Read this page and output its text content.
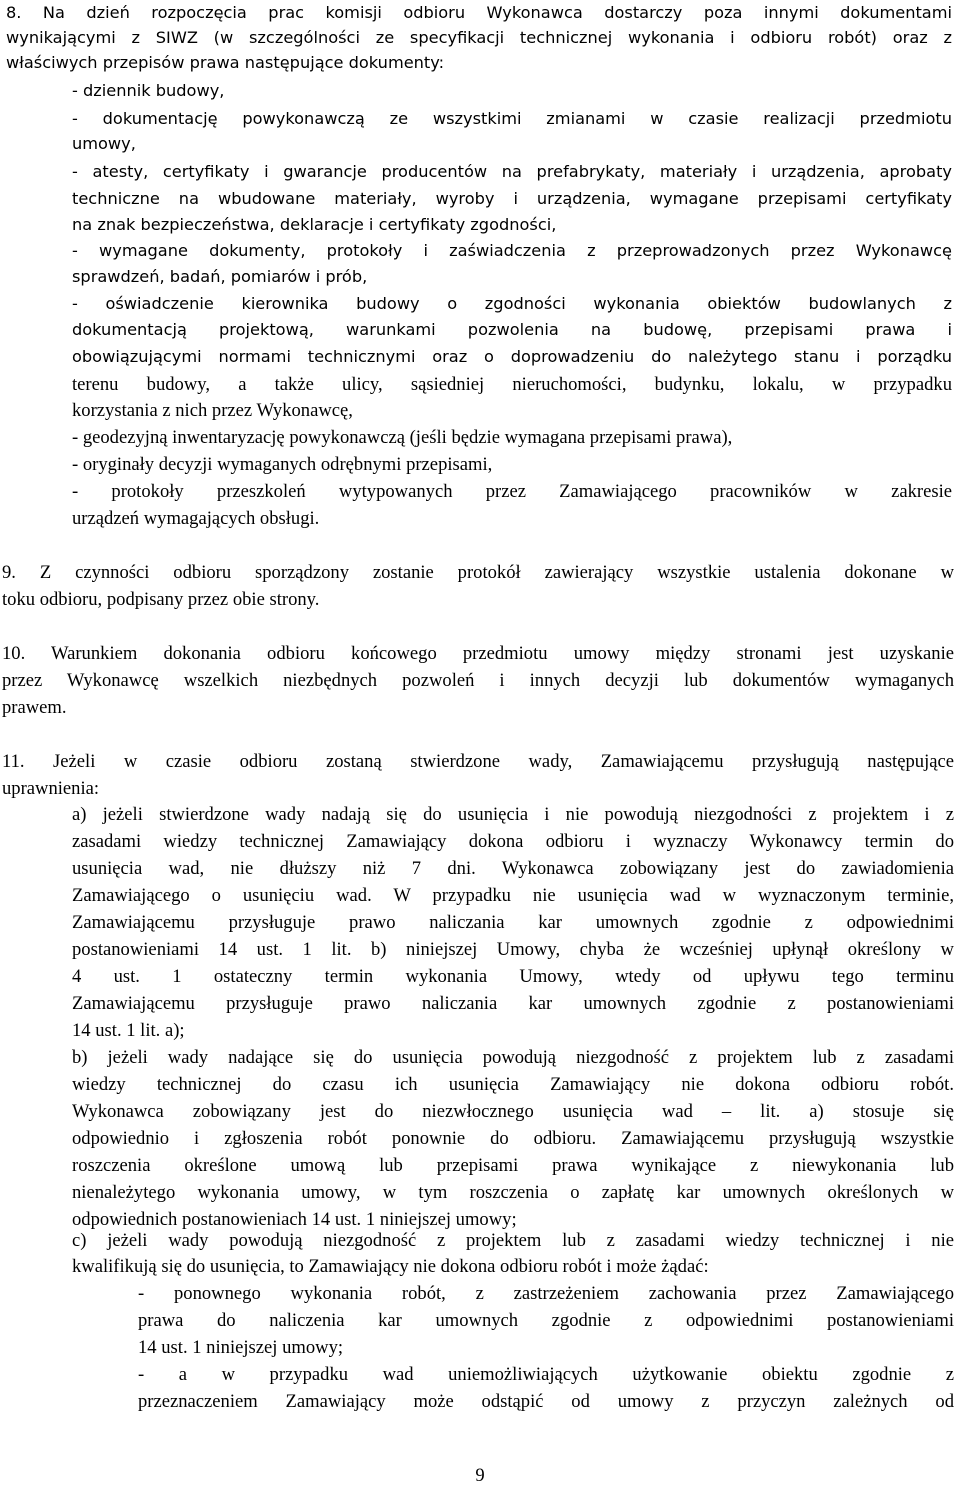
9
8. Na dzień rozpoczęcia prac komisji odbioru Wykonawca dostarczy poza innymi dokumentami
wynikającymi z SIWZ (w szczególności ze specyfikacji technicznej wykonania i odbioru robót) oraz z
właściwych przepisów prawa następujące dokumenty:
- dziennik budowy,
- dokumentację powykonawczą ze wszystkimi zmianami w czasie realizacji przedmiotu
umowy,
- atesty, certyfikaty i gwarancje producentów na prefabrykaty, materiały i urządzenia, aprobaty
techniczne na wbudowane materiały, wyroby i urządzenia, wymagane przepisami certyfikaty
na znak bezpieczeństwa, deklaracje i certyfikaty zgodności,
- wymagane dokumenty, protokoły i zaświadczenia z przeprowadzonych przez Wykonawcę
sprawdzeń, badań, pomiarów i prób,
- oświadczenie kierownika budowy o zgodności wykonania obiektów budowlanych z
dokumentacją projektową, warunkami pozwolenia na budowę, przepisami prawa i
obowiązującymi normami technicznymi oraz o doprowadzeniu do należytego stanu i porządku
terenu budowy, a także ulicy, sąsiedniej nieruchomości, budynku, lokalu, w przypadku
korzystania z nich przez Wykonawcę,
- geodezyjną inwentaryzację powykonawczą (jeśli będzie wymagana przepisami prawa),
- oryginały decyzji wymaganych odrębnymi przepisami,
- protokoły przeszkoleń wytypowanych przez Zamawiającego pracowników w zakresie
urządzeń wymagających obsługi.
9. Z czynności odbioru sporządzony zostanie protokół zawierający wszystkie ustalenia dokonane w
toku odbioru, podpisany przez obie strony.
10. Warunkiem dokonania odbioru końcowego przedmiotu umowy między stronami jest uzyskanie
przez Wykonawcę wszelkich niezbędnych pozwoleń i innych decyzji lub dokumentów wymaganych
prawem.
11. Jeżeli w czasie odbioru zostaną stwierdzone wady, Zamawiającemu przysługują następujące
uprawnienia:
a) jeżeli stwierdzone wady nadają się do usunięcia i nie powodują niezgodności z projektem i z
zasadami wiedzy technicznej Zamawiający dokona odbioru i wyznaczy Wykonawcy termin do
usunięcia wad, nie dłuższy niż 7 dni. Wykonawca zobowiązany jest do zawiadomienia
Zamawiającego o usunięciu wad. W przypadku nie usunięcia wad w wyznaczonym terminie,
Zamawiającemu przysługuje prawo naliczania kar umownych zgodnie z odpowiednimi
postanowieniami 14 ust. 1 lit. b) niniejszej Umowy, chyba że wcześniej upłynął określony w
4 ust. 1 ostateczny termin wykonania Umowy, wtedy od upływu tego terminu
Zamawiającemu przysługuje prawo naliczania kar umownych zgodnie z postanowieniami
14 ust. 1 lit. a);
b) jeżeli wady nadające się do usunięcia powodują niezgodność z projektem lub z zasadami
wiedzy technicznej do czasu ich usunięcia Zamawiający nie dokona odbioru robót.
Wykonawca zobowiązany jest do niezwłocznego usunięcia wad – lit. a) stosuje się
odpowiednio i zgłoszenia robót ponownie do odbioru. Zamawiającemu przysługują wszystkie
roszczenia określone umową lub przepisami prawa wynikające z niewykonania lub
nienależytego wykonania umowy, w tym roszczenia o zapłatę kar umownych określonych w
odpowiednich postanowieniach 14 ust. 1 niniejszej umowy;
c) jeżeli wady powodują niezgodność z projektem lub z zasadami wiedzy technicznej i nie
kwalifikują się do usunięcia, to Zamawiający nie dokona odbioru robót i może żądać:
- ponownego wykonania robót, z zastrzeżeniem zachowania przez Zamawiającego
prawa do naliczenia kar umownych zgodnie z odpowiednimi postanowieniami
14 ust. 1 niniejszej umowy;
- a w przypadku wad uniemożliwiających użytkowanie obiektu zgodnie z
przeznaczeniem Zamawiający może odstąpić od umowy z przyczyn zależnych od
